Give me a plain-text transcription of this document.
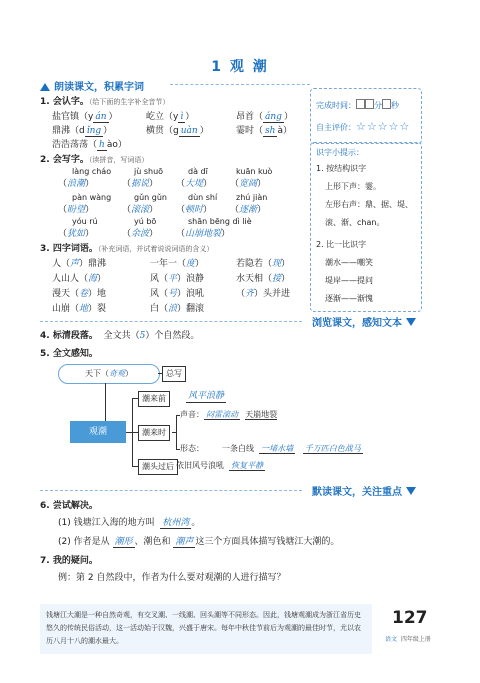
1 观 潮
朗读课文，积累字词
完成时间： 分 秒
自主评价：☆☆☆☆☆
识字小提示：
1. 按结构识字
上形下声：霎。
左形右声：鼎、据、堤、
滚、渐、chan。
2. 比一比识字
潮水——嘲笑
堤岸——提问
逐渐——渐愧
1. 会认字。（给下面的生字补全音节）
盐官镇（y án ）	屹立（y ì ）	昂首（ áng ）
鼎沸（d ǐng ）	横贯（g uàn ）	霎时（ sh à）
浩浩荡荡（ h ào）
2. 会写字。（读拼音，写词语）
làng cháo	jù shuō	dà dī	kuān kuò
（浪潮）	（据说） （大堤） （宽阔）
pàn wàng	gǔn gǔn	dùn shí zhú jiàn
（盼望）	（滚滚） （顿时） （逐渐）
yóu rú	yú bō	shān bēng dì liè
（犹如）	（余波） （山崩地裂）
3. 四字词语。（补充词语，并试着说说词语的含义）
人（声）鼎沸	一年一（度）	若隐若（现）
人山人（海）	风（平）浪静	水天相（接）
漫天（卷）地	风（号）浪吼	（齐）头并进
山崩（地）裂	白（浪）翻滚
浏览课文，感知文本
4. 标清段落。 全文共（5）个自然段。
5. 全文感知。
天下（奇观）	总写
观潮
潮来前	风平浪静
潮来时
声音： 闷雷滚动 天崩地裂
形态： 一条白线 一堵水墙 千万匹白色战马
潮头过后 依旧风号浪吼 恢复平静
默读课文，关注重点
6. 尝试解决。
(1) 钱塘江入海的地方叫 杭州湾 。
(2) 作者是从 潮形 、潮色和 潮声 这三个方面具体描写钱塘江大潮的。
7. 我的疑问。
例：第 2 自然段中，作者为什么要对观潮的人进行描写？
钱塘江大潮是一种自然奇观，有交叉潮、一线潮、回头潮等不同形态。因此，钱塘观潮成为浙江省历史悠久的传统民俗活动，这一活动始于汉魏，兴盛于唐宋。每年中秋佳节前后为观潮的最佳时节，尤以农历八月十八的潮水最大。
127
语文 四年级上册
